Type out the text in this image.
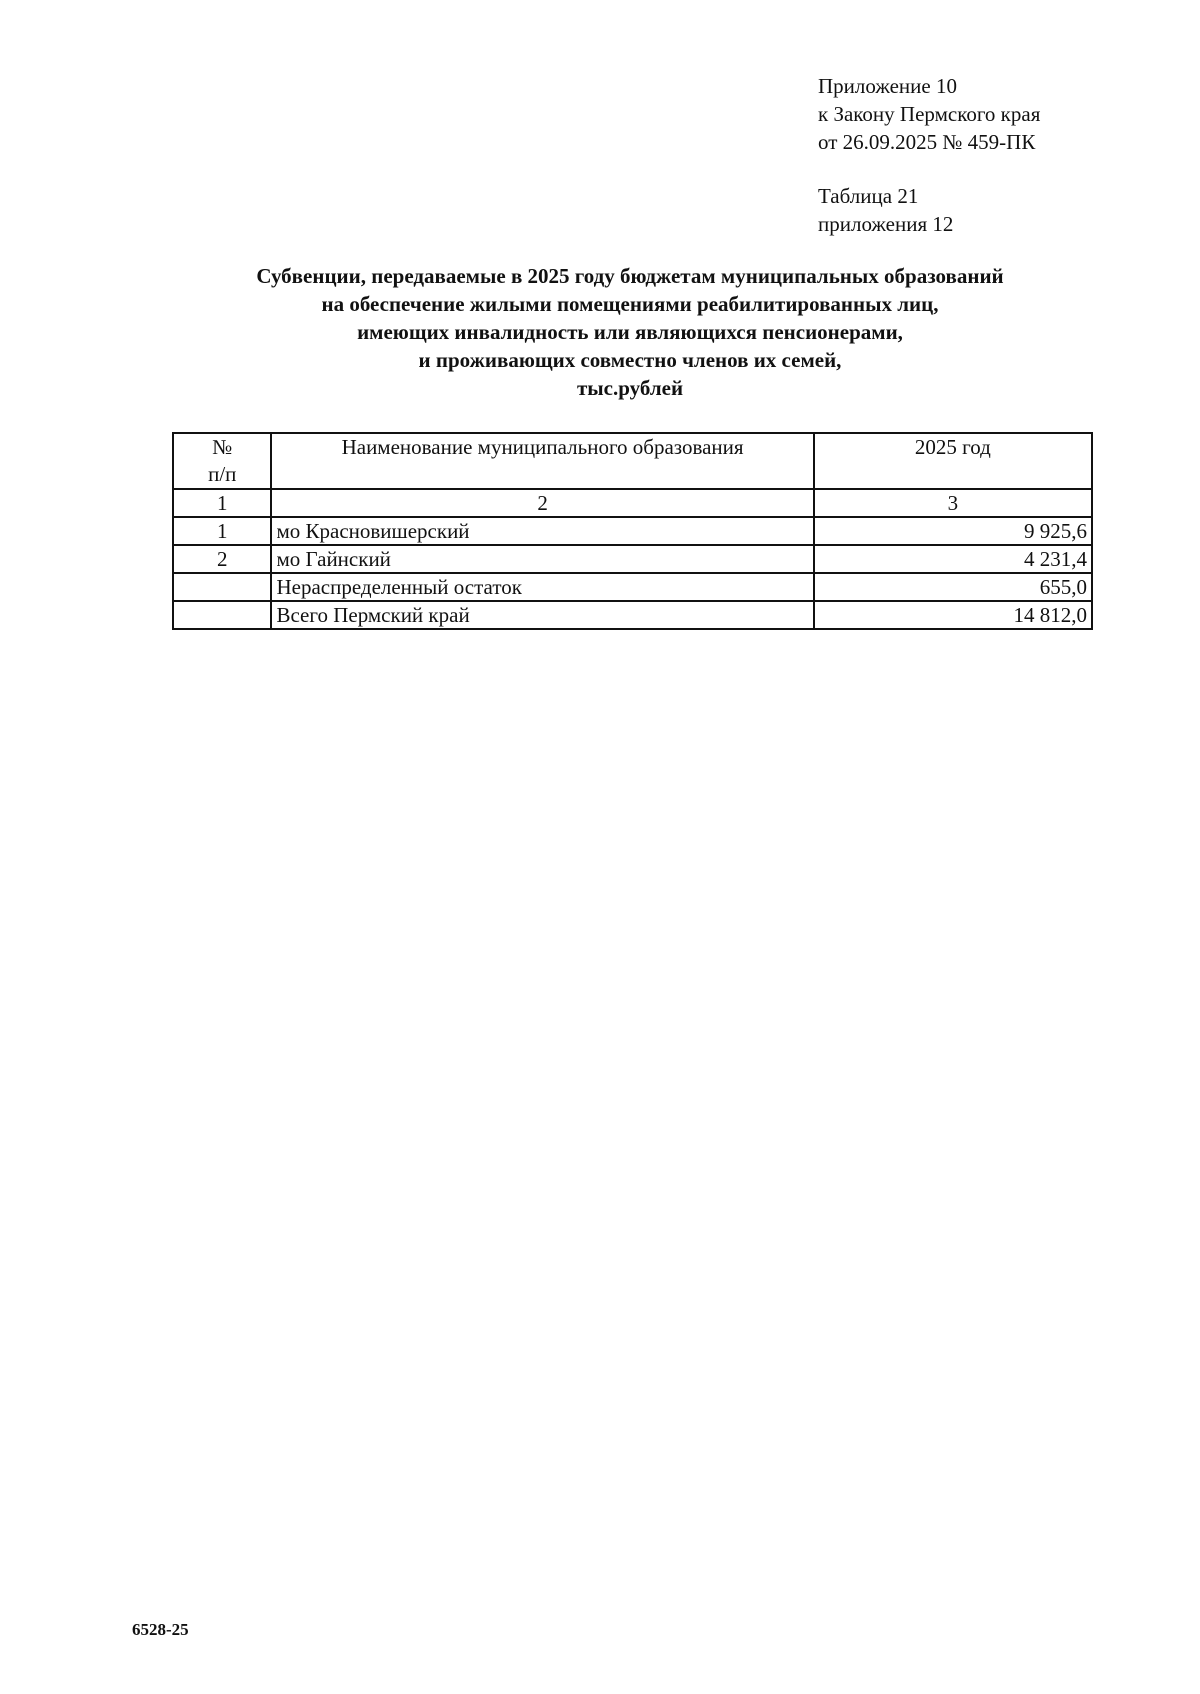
Приложение 10
к Закону Пермского края
от 26.09.2025 № 459-ПК
Таблица 21
приложения 12
Субвенции, передаваемые в 2025 году бюджетам муниципальных образований
на обеспечение жилыми помещениями реабилитированных лиц,
имеющих инвалидность или являющихся пенсионерами,
и проживающих совместно членов их семей,
тыс.рублей
№
п/п	Наименование муниципального образования	2025 год
1	2	3
1	мо Красновишерский	9 925,6
2	мо Гайнский	4 231,4
	Нераспределенный остаток	655,0
	Всего Пермский край	14 812,0
6528-25
